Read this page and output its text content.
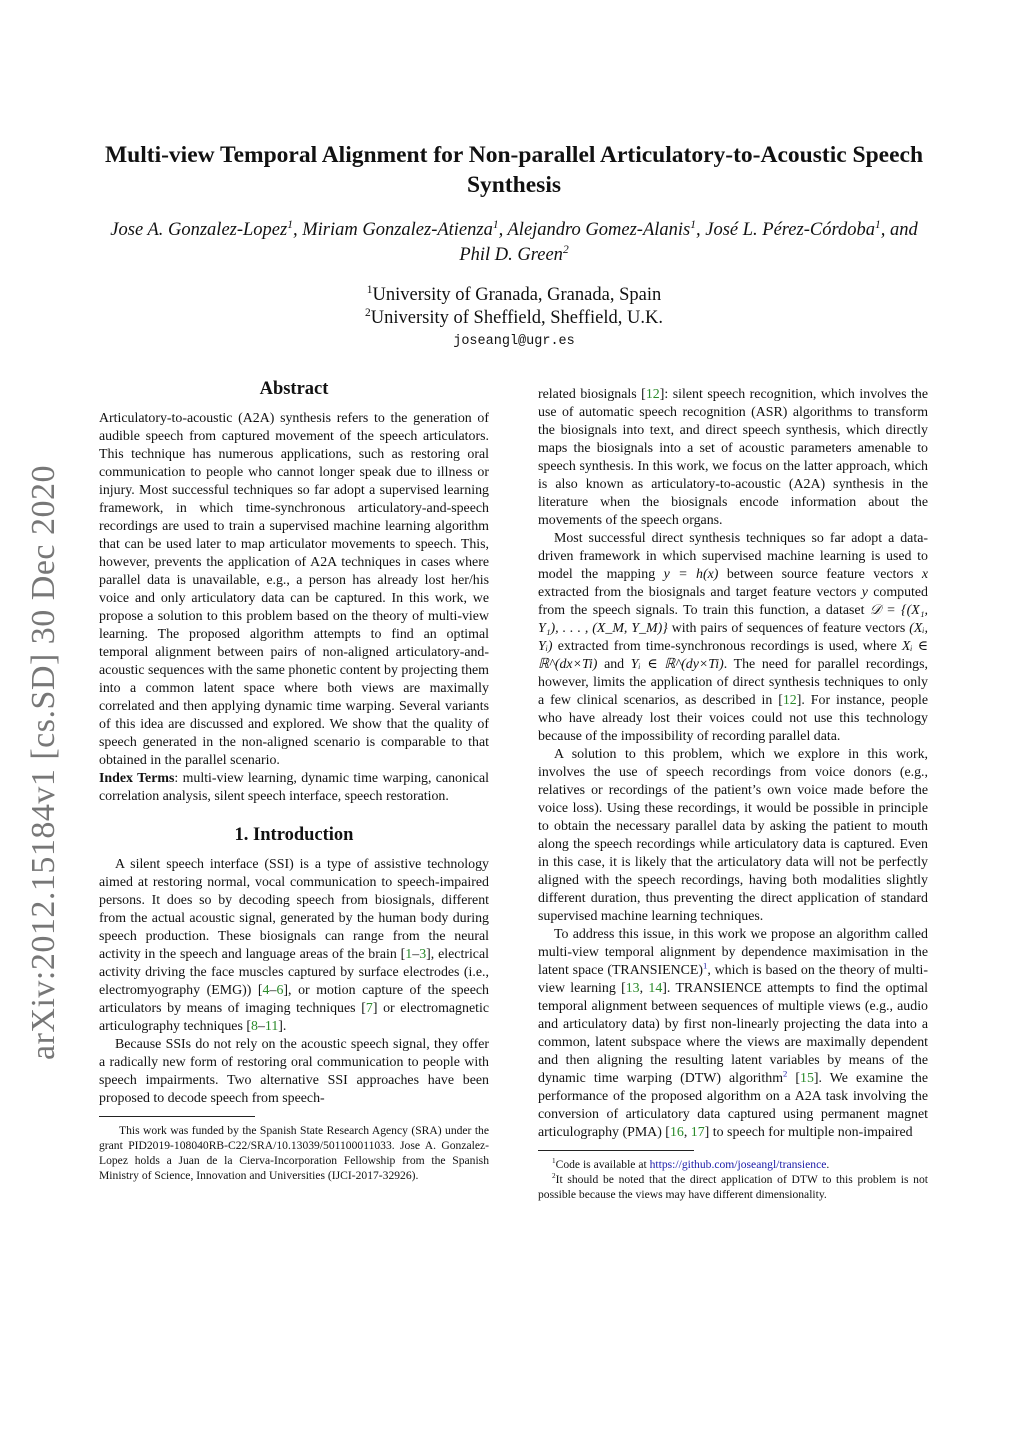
arXiv:2012.15184v1 [cs.SD] 30 Dec 2020
Multi-view Temporal Alignment for Non-parallel Articulatory-to-Acoustic Speech Synthesis
Jose A. Gonzalez-Lopez$^1$, Miriam Gonzalez-Atienza$^1$, Alejandro Gomez-Alanis$^1$, José L. Pérez-Córdoba$^1$, and Phil D. Green$^2$
$^1$University of Granada, Granada, Spain
$^2$University of Sheffield, Sheffield, U.K.
joseangl@ugr.es
Abstract

Articulatory-to-acoustic (A2A) synthesis refers to the generation of audible speech from captured movement of the speech articulators. This technique has numerous applications, such as restoring oral communication to people who cannot longer speak due to illness or injury. Most successful techniques so far adopt a supervised learning framework, in which time-synchronous articulatory-and-speech recordings are used to train a supervised machine learning algorithm that can be used later to map articulator movements to speech. This, however, prevents the application of A2A techniques in cases where parallel data is unavailable, e.g., a person has already lost her/his voice and only articulatory data can be captured. In this work, we propose a solution to this problem based on the theory of multi-view learning. The proposed algorithm attempts to find an optimal temporal alignment between pairs of non-aligned articulatory-and-acoustic sequences with the same phonetic content by projecting them into a common latent space where both views are maximally correlated and then applying dynamic time warping. Several variants of this idea are discussed and explored. We show that the quality of speech generated in the non-aligned scenario is comparable to that obtained in the parallel scenario.

Index Terms: multi-view learning, dynamic time warping, canonical correlation analysis, silent speech interface, speech restoration.

1. Introduction

A silent speech interface (SSI) is a type of assistive technology aimed at restoring normal, vocal communication to speech-impaired persons. It does so by decoding speech from biosignals, different from the actual acoustic signal, generated by the human body during speech production. These biosignals can range from the neural activity in the speech and language areas of the brain [1–3], electrical activity driving the face muscles captured by surface electrodes (i.e., electromyography (EMG)) [4–6], or motion capture of the speech articulators by means of imaging techniques [7] or electromagnetic articulography techniques [8–11].

Because SSIs do not rely on the acoustic speech signal, they offer a radically new form of restoring oral communication to people with speech impairments. Two alternative SSI approaches have been proposed to decode speech from speech-

This work was funded by the Spanish State Research Agency (SRA) under the grant PID2019-108040RB-C22/SRA/10.13039/501100011033. Jose A. Gonzalez-Lopez holds a Juan de la Cierva-Incorporation Fellowship from the Spanish Ministry of Science, Innovation and Universities (IJCI-2017-32926).

related biosignals [12]: silent speech recognition, which involves the use of automatic speech recognition (ASR) algorithms to transform the biosignals into text, and direct speech synthesis, which directly maps the biosignals into a set of acoustic parameters amenable to speech synthesis. In this work, we focus on the latter approach, which is also known as articulatory-to-acoustic (A2A) synthesis in the literature when the biosignals encode information about the movements of the speech organs.

Most successful direct synthesis techniques so far adopt a data-driven framework in which supervised machine learning is used to model the mapping y = h(x) between source feature vectors x extracted from the biosignals and target feature vectors y computed from the speech signals. To train this function, a dataset 𝒟 = {(X₁, Y₁), . . . , (X_M, Y_M)} with pairs of sequences of feature vectors (Xᵢ, Yᵢ) extracted from time-synchronous recordings is used, where Xᵢ ∈ ℝ^(dx×Ti) and Yᵢ ∈ ℝ^(dy×Ti). The need for parallel recordings, however, limits the application of direct synthesis techniques to only a few clinical scenarios, as described in [12]. For instance, people who have already lost their voices could not use this technology because of the impossibility of recording parallel data.

A solution to this problem, which we explore in this work, involves the use of speech recordings from voice donors (e.g., relatives or recordings of the patient’s own voice made before the voice loss). Using these recordings, it would be possible in principle to obtain the necessary parallel data by asking the patient to mouth along the speech recordings while articulatory data is captured. Even in this case, it is likely that the articulatory data will not be perfectly aligned with the speech recordings, having both modalities slightly different duration, thus preventing the direct application of standard supervised machine learning techniques.

To address this issue, in this work we propose an algorithm called multi-view temporal alignment by dependence maximisation in the latent space (TRANSIENCE)$^1$, which is based on the theory of multi-view learning [13, 14]. TRANSIENCE attempts to find the optimal temporal alignment between sequences of multiple views (e.g., audio and articulatory data) by first non-linearly projecting the data into a common, latent subspace where the views are maximally dependent and then aligning the resulting latent variables by means of the dynamic time warping (DTW) algorithm$^2$ [15]. We examine the performance of the proposed algorithm on a A2A task involving the conversion of articulatory data captured using permanent magnet articulography (PMA) [16, 17] to speech for multiple non-impaired

$^1$Code is available at https://github.com/joseangl/transience.
$^2$It should be noted that the direct application of DTW to this problem is not possible because the views may have different dimensionality.
